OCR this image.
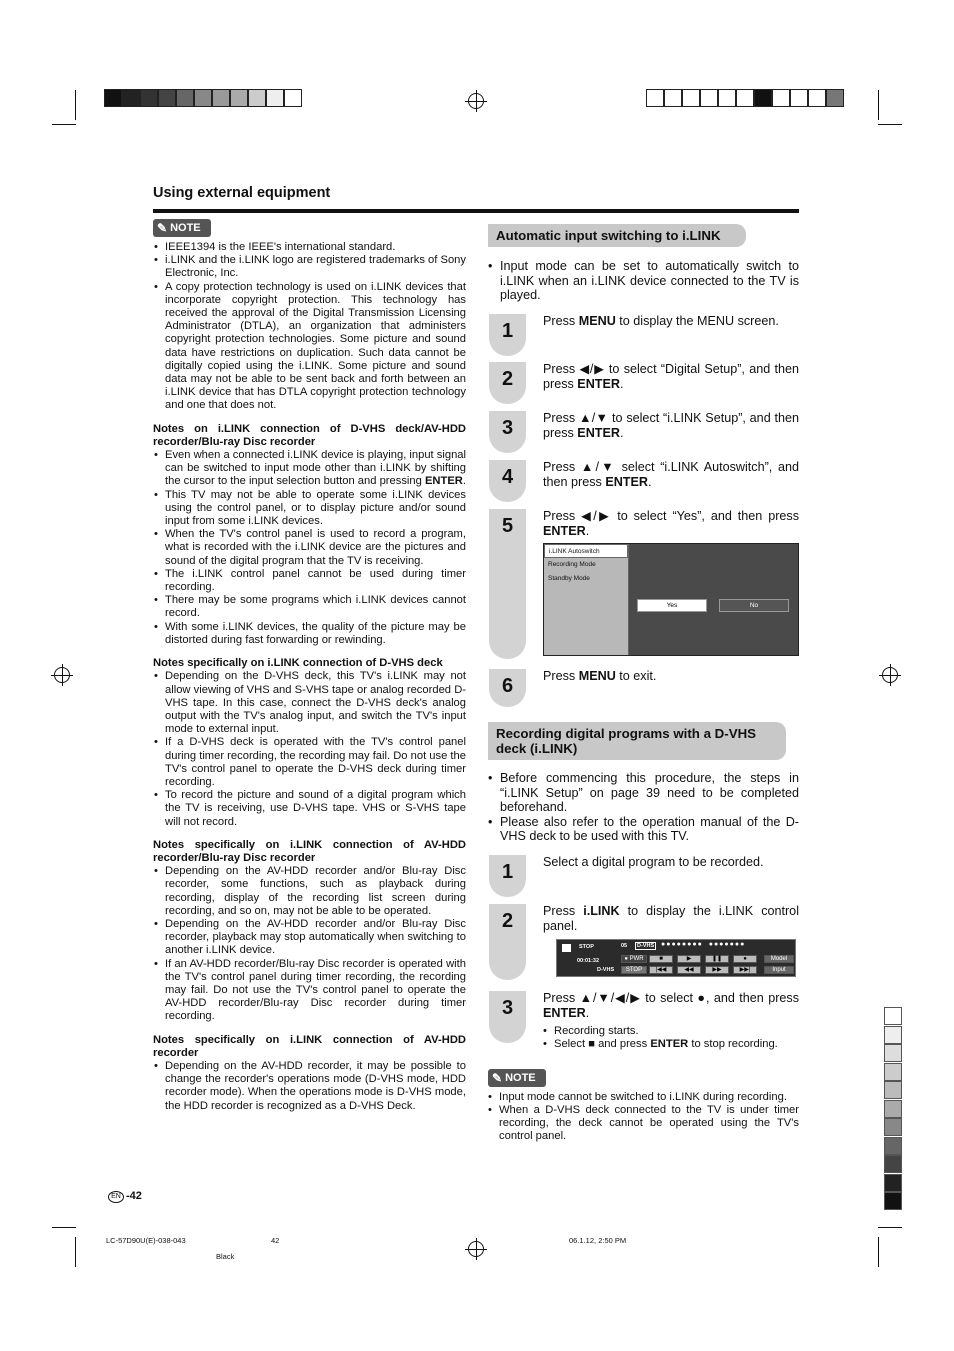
Using external equipment
✎ NOTE
• IEEE1394 is the IEEE's international standard.
• i.LINK and the i.LINK logo are registered trademarks of Sony Electronic, Inc.
• A copy protection technology is used on i.LINK devices that incorporate copyright protection. This technology has received the approval of the Digital Transmission Licensing Administrator (DTLA), an organization that administers copyright protection technologies. Some picture and sound data have restrictions on duplication. Such data cannot be digitally copied using the i.LINK. Some picture and sound data may not be able to be sent back and forth between an i.LINK device that has DTLA copyright protection technology and one that does not.
Notes on i.LINK connection of D-VHS deck/AV-HDD recorder/Blu-ray Disc recorder
• Even when a connected i.LINK device is playing, input signal can be switched to input mode other than i.LINK by shifting the cursor to the input selection button and pressing ENTER.
• This TV may not be able to operate some i.LINK devices using the control panel, or to display picture and/or sound input from some i.LINK devices.
• When the TV's control panel is used to record a program, what is recorded with the i.LINK device are the pictures and sound of the digital program that the TV is receiving.
• The i.LINK control panel cannot be used during timer recording.
• There may be some programs which i.LINK devices cannot record.
• With some i.LINK devices, the quality of the picture may be distorted during fast forwarding or rewinding.
Notes specifically on i.LINK connection of D-VHS deck
• Depending on the D-VHS deck, this TV's i.LINK may not allow viewing of VHS and S-VHS tape or analog recorded D-VHS tape. In this case, connect the D-VHS deck's analog output with the TV's analog input, and switch the TV's input mode to external input.
• If a D-VHS deck is operated with the TV's control panel during timer recording, the recording may fail. Do not use the TV's control panel to operate the D-VHS deck during timer recording.
• To record the picture and sound of a digital program which the TV is receiving, use D-VHS tape. VHS or S-VHS tape will not record.
Notes specifically on i.LINK connection of AV-HDD recorder/Blu-ray Disc recorder
• Depending on the AV-HDD recorder and/or Blu-ray Disc recorder, some functions, such as playback during recording, display of the recording list screen during recording, and so on, may not be able to be operated.
• Depending on the AV-HDD recorder and/or Blu-ray Disc recorder, playback may stop automatically when switching to another i.LINK device.
• If an AV-HDD recorder/Blu-ray Disc recorder is operated with the TV's control panel during timer recording, the recording may fail. Do not use the TV's control panel to operate the AV-HDD recorder/Blu-ray Disc recorder during timer recording.
Notes specifically on i.LINK connection of AV-HDD recorder
• Depending on the AV-HDD recorder, it may be possible to change the recorder's operations mode (D-VHS mode, HDD recorder mode). When the operations mode is D-VHS mode, the HDD recorder is recognized as a D-VHS Deck.
Automatic input switching to i.LINK
• Input mode can be set to automatically switch to i.LINK when an i.LINK device connected to the TV is played.
1	Press MENU to display the MENU screen.
2	Press ◀/▶ to select “Digital Setup”, and then press ENTER.
3	Press ▲/▼ to select “i.LINK Setup”, and then press ENTER.
4	Press ▲/▼ select “i.LINK Autoswitch”, and then press ENTER.
5	Press ◀/▶ to select “Yes”, and then press ENTER.
6	Press MENU to exit.
i.LINK Autoswitch
Recording Mode
Standby Mode
Yes	No
Recording digital programs with a D-VHS deck (i.LINK)
• Before commencing this procedure, the steps in “i.LINK Setup” on page 39 need to be completed beforehand.
• Please also refer to the operation manual of the D-VHS deck to be used with this TV.
1	Select a digital program to be recorded.
2	Press i.LINK to display the i.LINK control panel.
3	Press ▲/▼/◀/▶ to select ●, and then press ENTER.
STOP
00:01:32
D-VHS
05	D-VHS ●●●●●●●●  ●●●●●●●
● PWR
STOP
■	▶	❚❚	●
|◀◀	◀◀	▶▶	▶▶|
Model
Input
• Recording starts.
• Select ■ and press ENTER to stop recording.
✎ NOTE
• Input mode cannot be switched to i.LINK during recording.
• When a D-VHS deck connected to the TV is under timer recording, the deck cannot be operated using the TV's control panel.
EN -42
LC-57D90U(E)-038-043	42	06.1.12, 2:50 PM
Black
